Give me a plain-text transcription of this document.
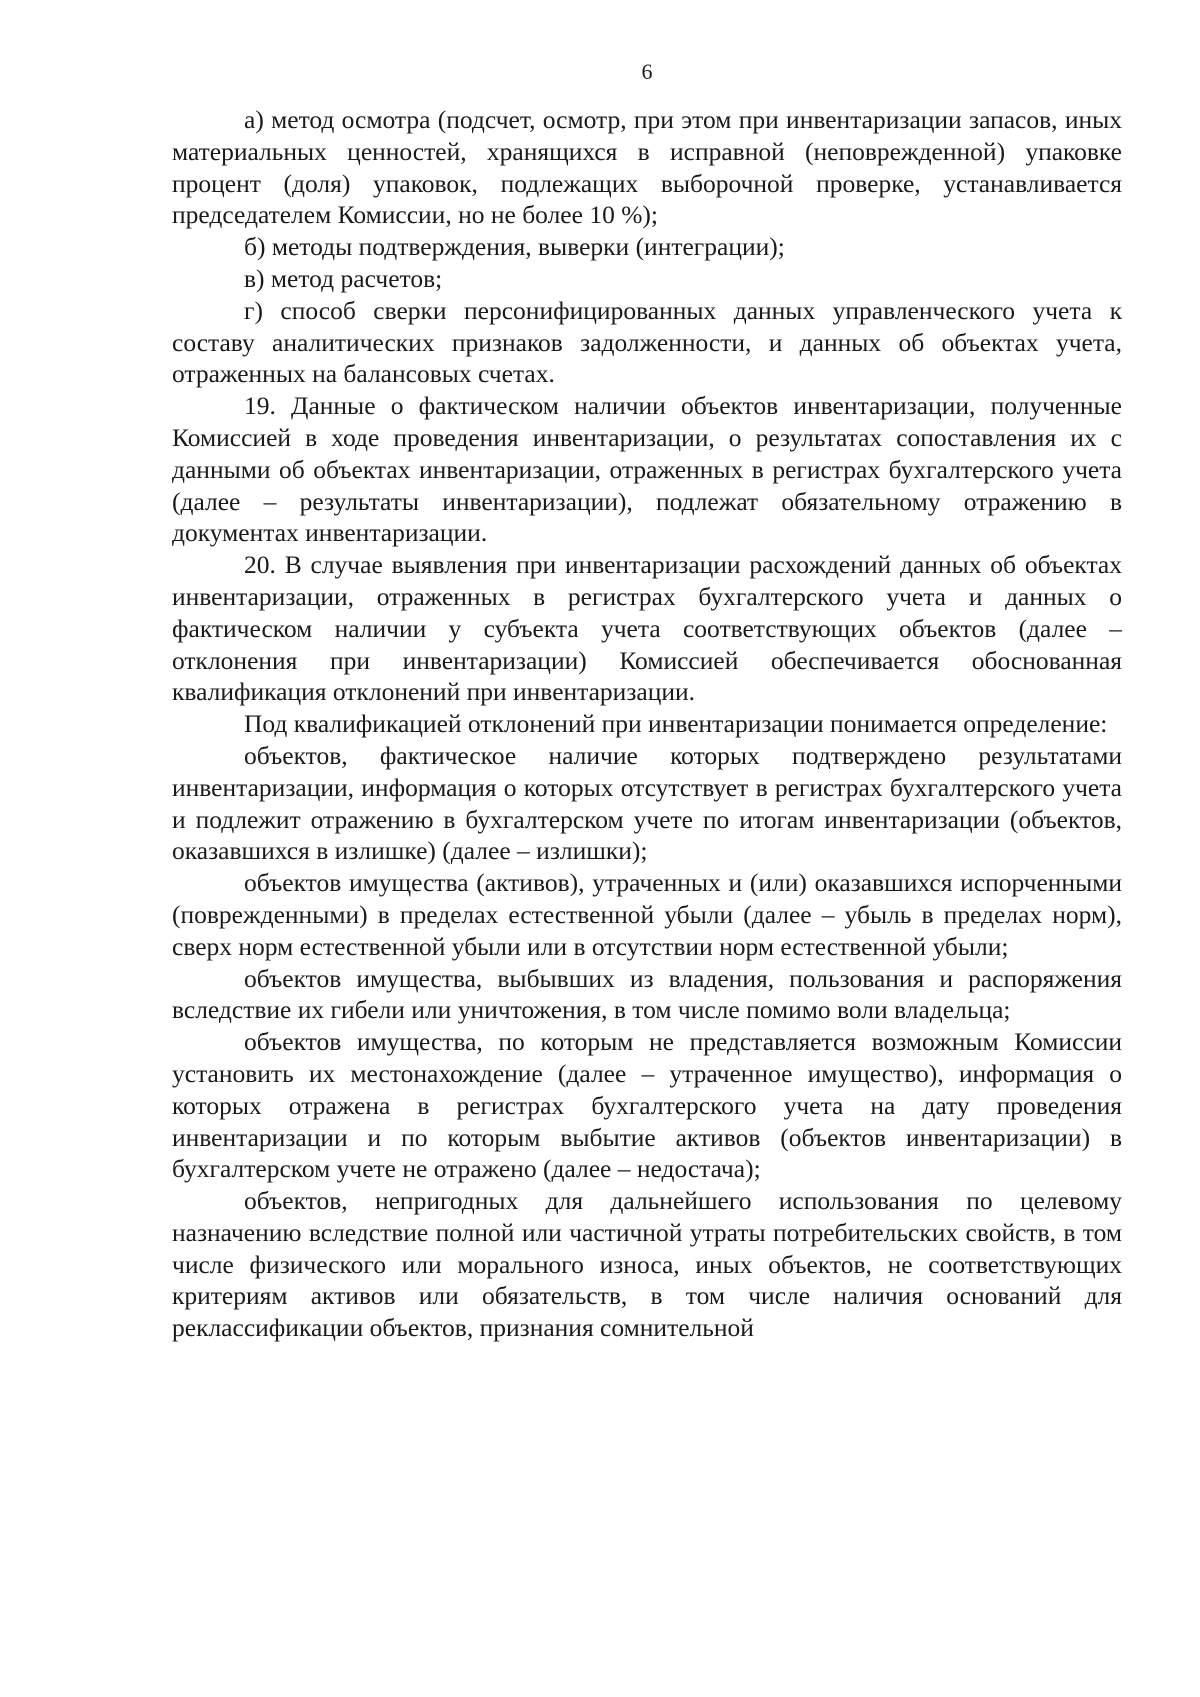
6

а) метод осмотра (подсчет, осмотр, при этом при инвентаризации запасов, иных материальных ценностей, хранящихся в исправной (неповрежденной) упаковке процент (доля) упаковок, подлежащих выборочной проверке, устанавливается председателем Комиссии, но не более 10 %);

б) методы подтверждения, выверки (интеграции);

в) метод расчетов;

г) способ сверки персонифицированных данных управленческого учета к составу аналитических признаков задолженности, и данных об объектах учета, отраженных на балансовых счетах.

19. Данные о фактическом наличии объектов инвентаризации, полученные Комиссией в ходе проведения инвентаризации, о результатах сопоставления их с данными об объектах инвентаризации, отраженных в регистрах бухгалтерского учета (далее – результаты инвентаризации), подлежат обязательному отражению в документах инвентаризации.

20. В случае выявления при инвентаризации расхождений данных об объектах инвентаризации, отраженных в регистрах бухгалтерского учета и данных о фактическом наличии у субъекта учета соответствующих объектов (далее – отклонения при инвентаризации) Комиссией обеспечивается обоснованная квалификация отклонений при инвентаризации.

Под квалификацией отклонений при инвентаризации понимается определение:

объектов, фактическое наличие которых подтверждено результатами инвентаризации, информация о которых отсутствует в регистрах бухгалтерского учета и подлежит отражению в бухгалтерском учете по итогам инвентаризации (объектов, оказавшихся в излишке) (далее – излишки);

объектов имущества (активов), утраченных и (или) оказавшихся испорченными (поврежденными) в пределах естественной убыли (далее – убыль в пределах норм), сверх норм естественной убыли или в отсутствии норм естественной убыли;

объектов имущества, выбывших из владения, пользования и распоряжения вследствие их гибели или уничтожения, в том числе помимо воли владельца;

объектов имущества, по которым не представляется возможным Комиссии установить их местонахождение (далее – утраченное имущество), информация о которых отражена в регистрах бухгалтерского учета на дату проведения инвентаризации и по которым выбытие активов (объектов инвентаризации) в бухгалтерском учете не отражено (далее – недостача);

объектов, непригодных для дальнейшего использования по целевому назначению вследствие полной или частичной утраты потребительских свойств, в том числе физического или морального износа, иных объектов, не соответствующих критериям активов или обязательств, в том числе наличия оснований для реклассификации объектов, признания сомнительной
